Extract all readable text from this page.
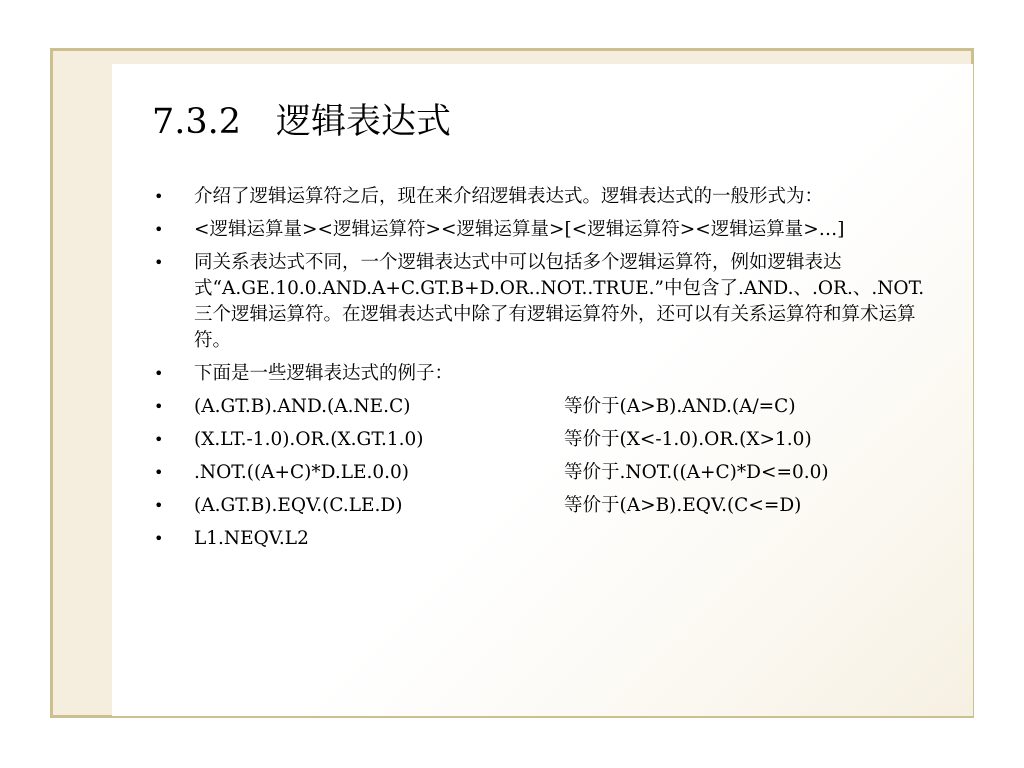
7.3.2　逻辑表达式
• 介绍了逻辑运算符之后，现在来介绍逻辑表达式。逻辑表达式的一般形式为：
• <逻辑运算量><逻辑运算符><逻辑运算量>[<逻辑运算符><逻辑运算量>…]
• 同关系表达式不同，一个逻辑表达式中可以包括多个逻辑运算符，例如逻辑表达式“A.GE.10.0.AND.A+C.GT.B+D.OR..NOT..TRUE.”中包含了.AND.、.OR.、.NOT.三个逻辑运算符。在逻辑表达式中除了有逻辑运算符外，还可以有关系运算符和算术运算符。
• 下面是一些逻辑表达式的例子：
• (A.GT.B).AND.(A.NE.C)	等价于(A>B).AND.(A/=C)
• (X.LT.-1.0).OR.(X.GT.1.0)	等价于(X<-1.0).OR.(X>1.0)
• .NOT.((A+C)*D.LE.0.0)	等价于.NOT.((A+C)*D<=0.0)
• (A.GT.B).EQV.(C.LE.D)	等价于(A>B).EQV.(C<=D)
• L1.NEQV.L2
